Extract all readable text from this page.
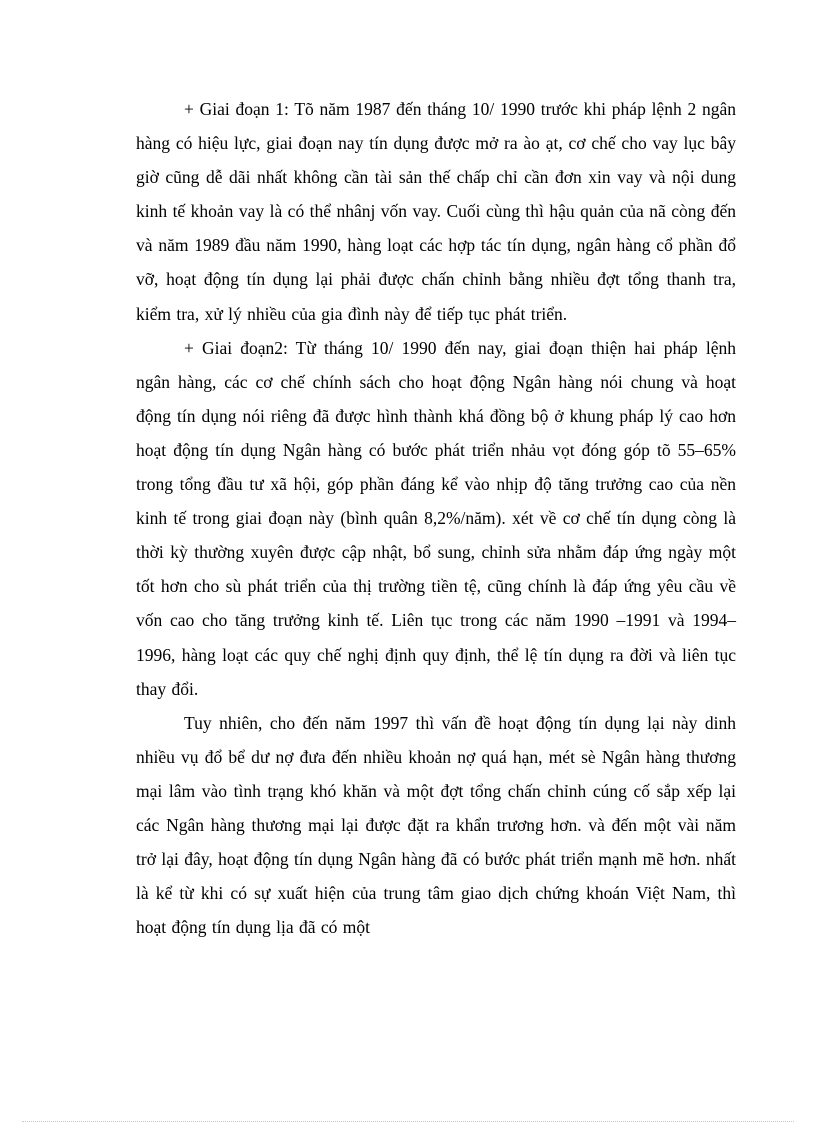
+ Giai đoạn 1: Tõ năm 1987 đến tháng 10/ 1990 trước khi pháp lệnh 2 ngân hàng có hiệu lực, giai đoạn nay tín dụng được mở ra ào ạt, cơ chế cho vay lục bây giờ cũng dễ dãi nhất không cần tài sản thế chấp chỉ cần đơn xin vay và nội dung kinh tế khoản vay là có thể nhânj vốn vay. Cuối cùng thì hậu quản của nã còng đến và năm 1989 đầu năm 1990, hàng loạt các hợp tác tín dụng, ngân hàng cổ phần đổ vỡ, hoạt động tín dụng lại phải được chấn chỉnh bằng nhiều đợt tổng thanh tra, kiểm tra, xử lý nhiều của gia đình này để tiếp tục phát triển.

+ Giai đoạn2: Từ tháng 10/ 1990 đến nay, giai đoạn thiện hai pháp lệnh ngân hàng, các cơ chế chính sách cho hoạt động Ngân hàng nói chung và hoạt động tín dụng nói riêng đã được hình thành khá đồng bộ ở khung pháp lý cao hơn hoạt động tín dụng Ngân hàng có bước phát triển nhảu vọt đóng góp tõ 55–65% trong tổng đầu tư xã hội, góp phần đáng kể vào nhịp độ tăng trưởng cao của nền kinh tế trong giai đoạn này (bình quân 8,2%/năm). xét về cơ chế tín dụng còng là thời kỳ thường xuyên được cập nhật, bổ sung, chỉnh sửa nhằm đáp ứng ngày một tốt hơn cho sù phát triển của thị trường tiền tệ, cũng chính là đáp ứng yêu cầu về vốn cao cho tăng trưởng kinh tế. Liên tục trong các năm 1990 –1991 và 1994–1996, hàng loạt các quy chế nghị định quy định, thể lệ tín dụng ra đời và liên tục thay đổi.

Tuy nhiên, cho đến năm 1997 thì vấn đề hoạt động tín dụng lại này dinh nhiều vụ đổ bể dư nợ đưa đến nhiều khoản nợ quá hạn, mét sè Ngân hàng thương mại lâm vào tình trạng khó khăn và một đợt tổng chấn chỉnh cúng cố sắp xếp lại các Ngân hàng thương mại lại được đặt ra khẩn trương hơn. và đến một vài năm trở lại đây, hoạt động tín dụng Ngân hàng đã có bước phát triển mạnh mẽ hơn. nhất là kể từ khi có sự xuất hiện của trung tâm giao dịch chứng khoán Việt Nam, thì hoạt động tín dụng lịa đã có một
